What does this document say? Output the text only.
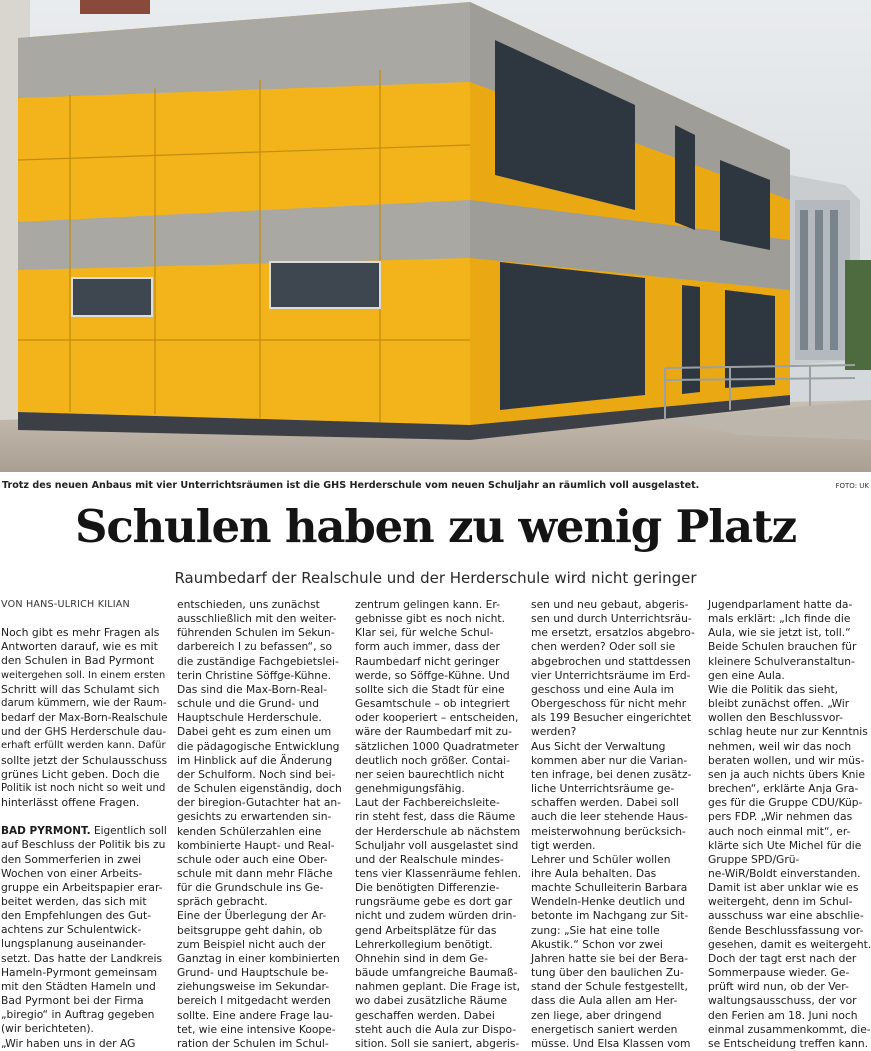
Trotz des neuen Anbaus mit vier Unterrichtsräumen ist die GHS Herderschule vom neuen Schuljahr an räumlich voll ausgelastet.	FOTO: UK
Schulen haben zu wenig Platz
Raumbedarf der Realschule und der Herderschule wird nicht geringer

VON HANS-ULRICH KILIAN

Noch gibt es mehr Fragen als

Antworten darauf, wie es mit

den Schulen in Bad Pyrmont

weitergehen soll. In einem ersten

Schritt will das Schulamt sich

darum kümmern, wie der Raum-

bedarf der Max-Born-Realschule

und der GHS Herderschule dau-

erhaft erfüllt werden kann. Dafür

sollte jetzt der Schulausschuss

grünes Licht geben. Doch die

Politik ist noch nicht so weit und

hinterlässt offene Fragen.

BAD PYRMONT. Eigentlich soll

auf Beschluss der Politik bis zu

den Sommerferien in zwei

Wochen von einer Arbeits-

gruppe ein Arbeitspapier erar-

beitet werden, das sich mit

den Empfehlungen des Gut-

achtens zur Schulentwick-

lungsplanung auseinander-

setzt. Das hatte der Landkreis

Hameln-Pyrmont gemeinsam

mit den Städten Hameln und

Bad Pyrmont bei der Firma

„biregio“ in Auftrag gegeben

(wir berichteten).

„Wir haben uns in der AG

entschieden, uns zunächst

ausschließlich mit den weiter-

führenden Schulen im Sekun-

darbereich I zu befassen“, so

die zuständige Fachgebietslei-

terin Christine Söffge-Kühne.

Das sind die Max-Born-Real-

schule und die Grund- und

Hauptschule Herderschule.

Dabei geht es zum einen um

die pädagogische Entwicklung

im Hinblick auf die Änderung

der Schulform. Noch sind bei-

de Schulen eigenständig, doch

der biregion-Gutachter hat an-

gesichts zu erwartenden sin-

kenden Schülerzahlen eine

kombinierte Haupt- und Real-

schule oder auch eine Ober-

schule mit dann mehr Fläche

für die Grundschule ins Ge-

spräch gebracht.

Eine der Überlegung der Ar-

beitsgruppe geht dahin, ob

zum Beispiel nicht auch der

Ganztag in einer kombinierten

Grund- und Hauptschule be-

ziehungsweise im Sekundar-

bereich I mitgedacht werden

sollte. Eine andere Frage lau-

tet, wie eine intensive Koope-

ration der Schulen im Schul-

zentrum gelingen kann. Er-

gebnisse gibt es noch nicht.

Klar sei, für welche Schul-

form auch immer, dass der

Raumbedarf nicht geringer

werde, so Söffge-Kühne. Und

sollte sich die Stadt für eine

Gesamtschule – ob integriert

oder kooperiert – entscheiden,

wäre der Raumbedarf mit zu-

sätzlichen 1000 Quadratmeter

deutlich noch größer. Contai-

ner seien baurechtlich nicht

genehmigungsfähig.

Laut der Fachbereichsleite-

rin steht fest, dass die Räume

der Herderschule ab nächstem

Schuljahr voll ausgelastet sind

und der Realschule mindes-

tens vier Klassenräume fehlen.

Die benötigten Differenzie-

rungsräume gebe es dort gar

nicht und zudem würden drin-

gend Arbeitsplätze für das

Lehrerkollegium benötigt.

Ohnehin sind in dem Ge-

bäude umfangreiche Baumaß-

nahmen geplant. Die Frage ist,

wo dabei zusätzliche Räume

geschaffen werden. Dabei

steht auch die Aula zur Dispo-

sition. Soll sie saniert, abgeris-

sen und neu gebaut, abgeris-

sen und durch Unterrichtsräu-

me ersetzt, ersatzlos abgebro-

chen werden? Oder soll sie

abgebrochen und stattdessen

vier Unterrichtsräume im Erd-

geschoss und eine Aula im

Obergeschoss für nicht mehr

als 199 Besucher eingerichtet

werden?

Aus Sicht der Verwaltung

kommen aber nur die Varian-

ten infrage, bei denen zusätz-

liche Unterrichtsräume ge-

schaffen werden. Dabei soll

auch die leer stehende Haus-

meisterwohnung berücksich-

tigt werden.

Lehrer und Schüler wollen

ihre Aula behalten. Das

machte Schulleiterin Barbara

Wendeln-Henke deutlich und

betonte im Nachgang zur Sit-

zung: „Sie hat eine tolle

Akustik.“ Schon vor zwei

Jahren hatte sie bei der Bera-

tung über den baulichen Zu-

stand der Schule festgestellt,

dass die Aula allen am Her-

zen liege, aber dringend

energetisch saniert werden

müsse. Und Elsa Klassen vom

Jugendparlament hatte da-

mals erklärt: „Ich finde die

Aula, wie sie jetzt ist, toll.“

Beide Schulen brauchen für

kleinere Schulveranstaltun-

gen eine Aula.

Wie die Politik das sieht,

bleibt zunächst offen. „Wir

wollen den Beschlussvor-

schlag heute nur zur Kenntnis

nehmen, weil wir das noch

beraten wollen, und wir müs-

sen ja auch nichts übers Knie

brechen“, erklärte Anja Gra-

ges für die Gruppe CDU/Küp-

pers FDP. „Wir nehmen das

auch noch einmal mit“, er-

klärte sich Ute Michel für die

Gruppe SPD/Grü-

ne-WiR/Boldt einverstanden.

Damit ist aber unklar wie es

weitergeht, denn im Schul-

ausschuss war eine abschlie-

ßende Beschlussfassung vor-

gesehen, damit es weitergeht.

Doch der tagt erst nach der

Sommerpause wieder. Ge-

prüft wird nun, ob der Ver-

waltungsausschuss, der vor

den Ferien am 18. Juni noch

einmal zusammenkommt, die-

se Entscheidung treffen kann.
